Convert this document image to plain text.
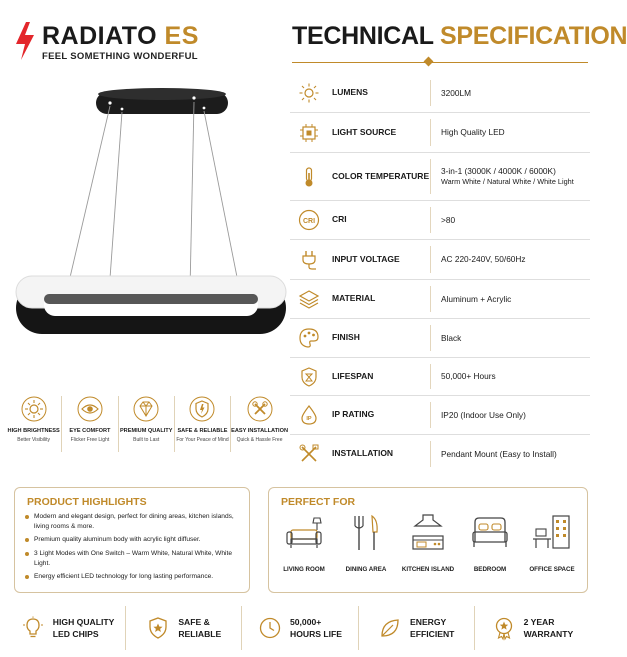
RADIATO ES
FEEL SOMETHING WONDERFUL
HIGH BRIGHTNESS
Better Visibility
EYE COMFORT
Flicker Free Light
PREMIUM QUALITY
Built to Last
SAFE & RELIABLE
For Your Peace of Mind
EASY INSTALLATION
Quick & Hassle Free
TECHNICAL SPECIFICATION
LUMENS	3200LM
LIGHT SOURCE	High Quality LED
COLOR TEMPERATURE	3-in-1 (3000K / 4000K / 6000K)
Warm White / Natural White / White Light
CRI	CRI	>80
INPUT VOLTAGE	AC 220-240V, 50/60Hz
MATERIAL	Aluminum + Acrylic
FINISH	Black
LIFESPAN	50,000+ Hours
IP	IP RATING	IP20 (Indoor Use Only)
INSTALLATION	Pendant Mount (Easy to Install)
PRODUCT HIGHLIGHTS
Modern and elegant design, perfect for dining areas, kitchen islands, living rooms & more.
Premium quality aluminum body with acrylic light diffuser.
3 Light Modes with One Switch – Warm White, Natural White, White Light.
Energy efficient LED technology for long lasting performance.
PERFECT FOR
LIVING ROOM	DINING AREA	KITCHEN ISLAND	BEDROOM	OFFICE SPACE
HIGH QUALITY
LED CHIPS
SAFE &
RELIABLE
50,000+
HOURS LIFE
ENERGY
EFFICIENT
2 YEAR
WARRANTY
